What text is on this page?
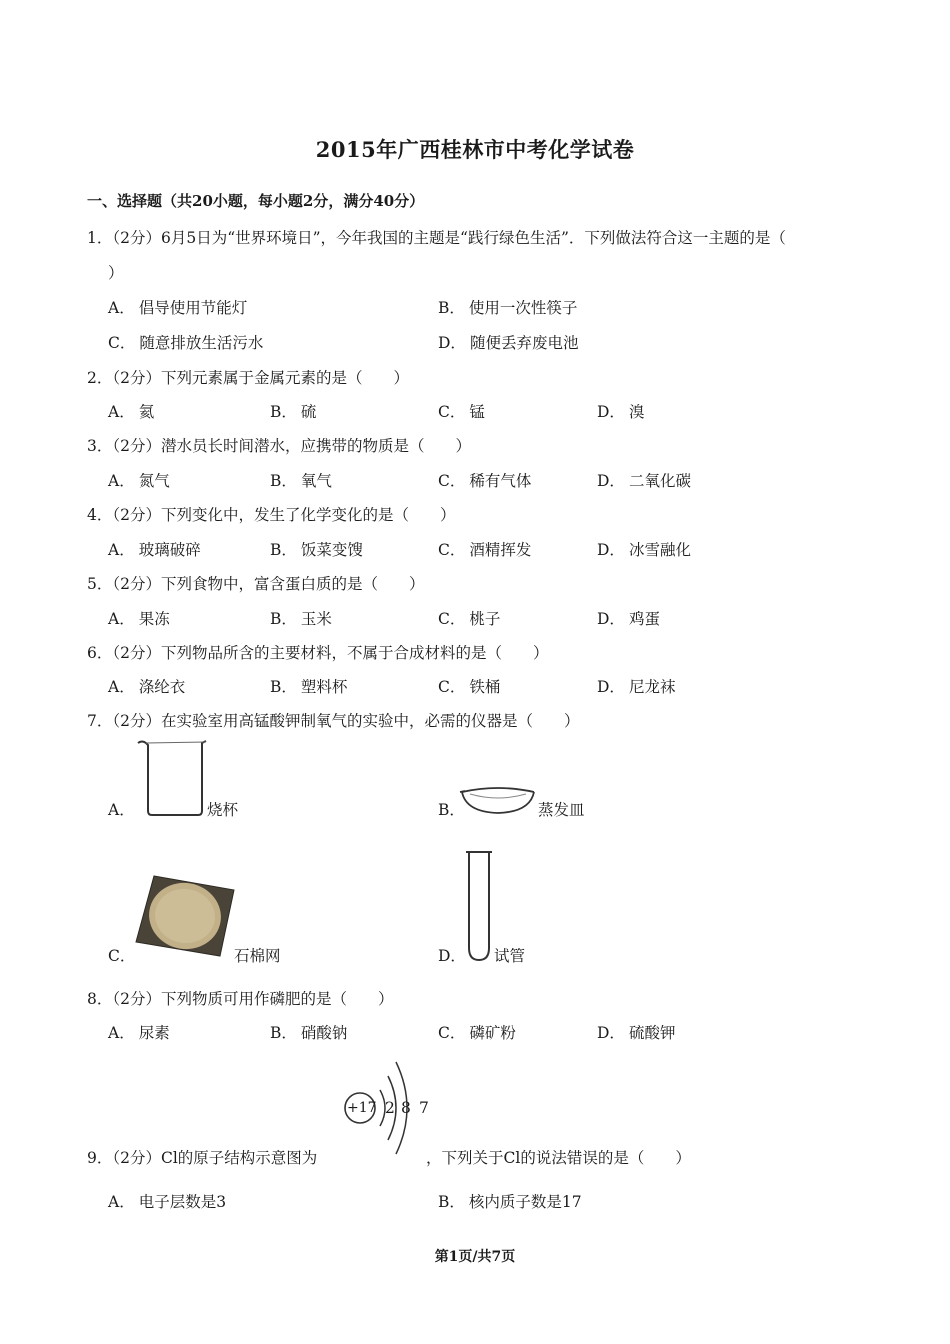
2015年广西桂林市中考化学试卷
一、选择题（共20小题，每小题2分，满分40分）
1．（2分）6月5日为“世界环境日”，今年我国的主题是“践行绿色生活”．下列做法符合这一主题的是（
）
A． 倡导使用节能灯	B． 使用一次性筷子
C． 随意排放生活污水	D． 随便丢弃废电池
2．（2分）下列元素属于金属元素的是（　　）
A． 氦	B． 硫	C． 锰	D． 溴
3．（2分）潜水员长时间潜水，应携带的物质是（　　）
A． 氮气	B． 氧气	C． 稀有气体	D． 二氧化碳
4．（2分）下列变化中，发生了化学变化的是（　　）
A． 玻璃破碎	B． 饭菜变馊	C． 酒精挥发	D． 冰雪融化
5．（2分）下列食物中，富含蛋白质的是（　　）
A． 果冻	B． 玉米	C． 桃子	D． 鸡蛋
6．（2分）下列物品所含的主要材料，不属于合成材料的是（　　）
A． 涤纶衣	B． 塑料杯	C． 铁桶	D． 尼龙袜
7．（2分）在实验室用高锰酸钾制氧气的实验中，必需的仪器是（　　）
A．	烧杯	B．	蒸发皿
C．	石棉网	D． 试管
8．（2分）下列物质可用作磷肥的是（　　）
A． 尿素	B． 硝酸钠	C． 磷矿粉	D． 硫酸钾
9．（2分）Cl的原子结构示意图为
+17 2 8 7
，下列关于Cl的说法错误的是（　　）
A． 电子层数是3	B． 核内质子数是17
第1页/共7页
